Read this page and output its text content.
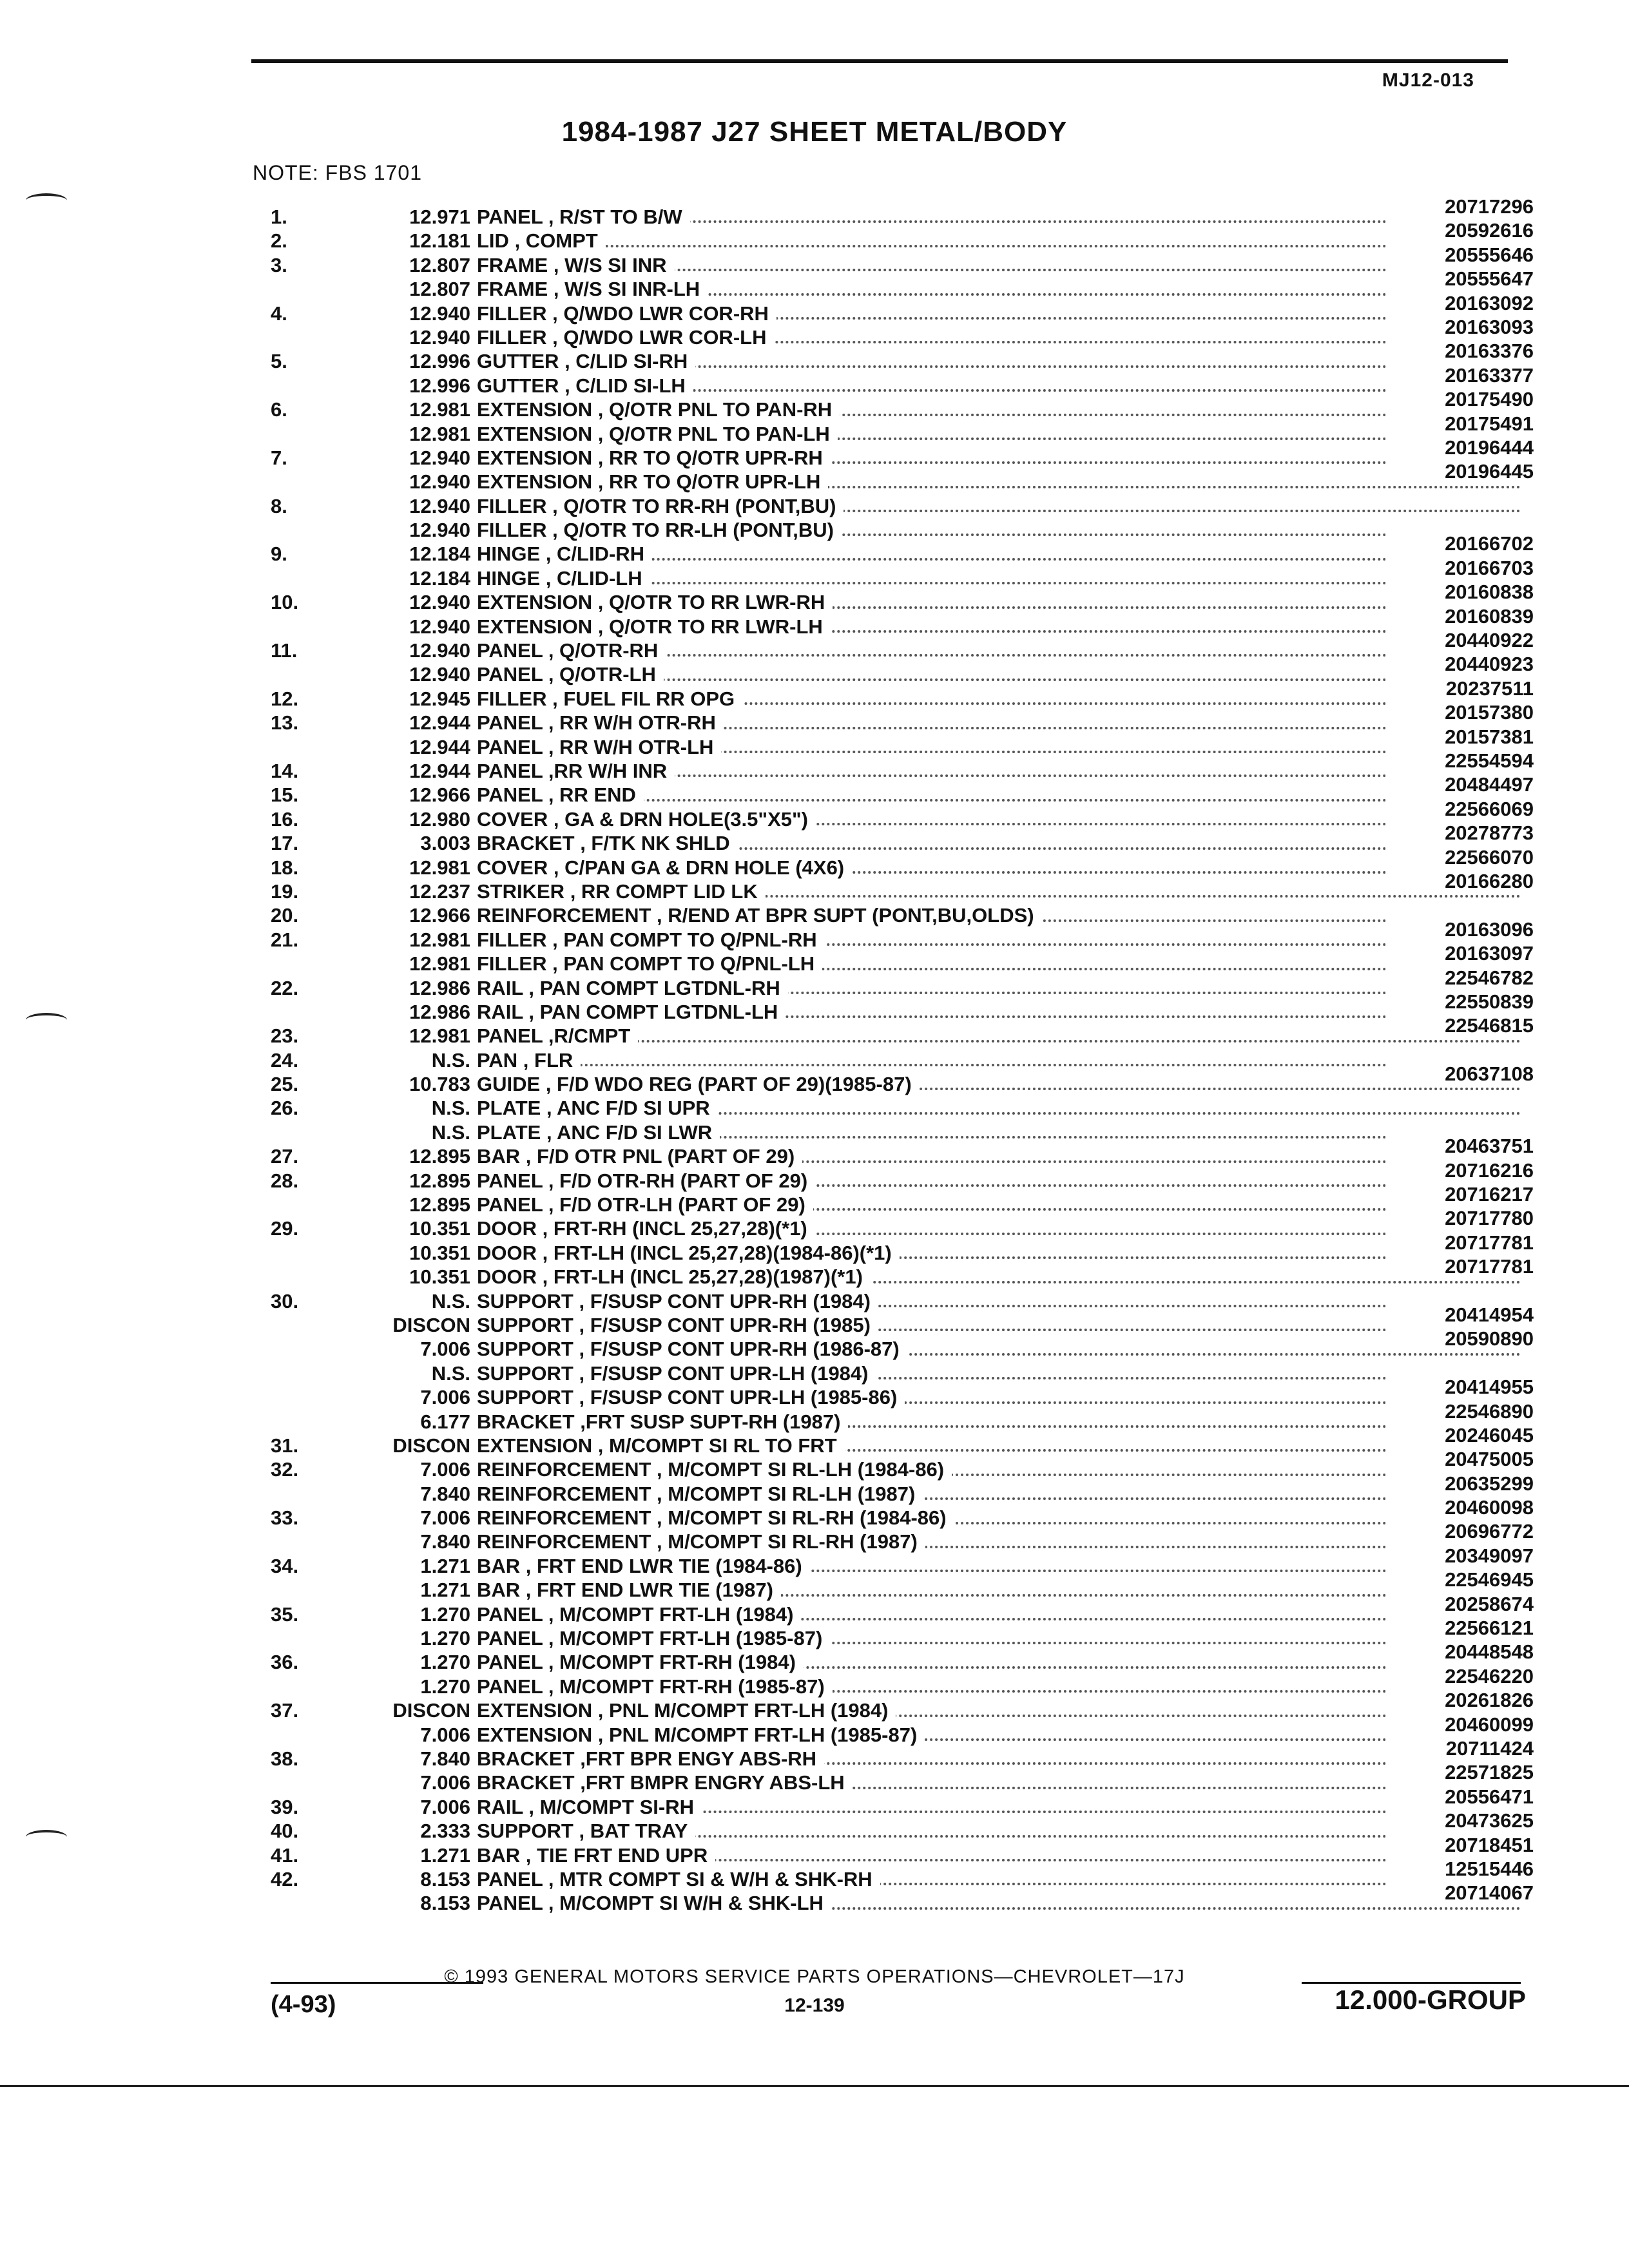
MJ12-013
1984-1987 J27 SHEET METAL/BODY
NOTE: FBS 1701
1.	12.971 PANEL , R/ST TO B/W	20717296
2.	12.181 LID , COMPT	20592616
3.	12.807 FRAME , W/S SI INR	20555646
12.807 FRAME , W/S SI INR-LH	20555647
4.	12.940 FILLER , Q/WDO LWR COR-RH	20163092
12.940 FILLER , Q/WDO LWR COR-LH	20163093
5.	12.996 GUTTER , C/LID SI-RH	20163376
12.996 GUTTER , C/LID SI-LH	20163377
6.	12.981 EXTENSION , Q/OTR PNL TO PAN-RH	20175490
12.981 EXTENSION , Q/OTR PNL TO PAN-LH	20175491
7.	12.940 EXTENSION , RR TO Q/OTR UPR-RH	20196444
12.940 EXTENSION , RR TO Q/OTR UPR-LH	20196445
8.	12.940 FILLER , Q/OTR TO RR-RH (PONT,BU)
12.940 FILLER , Q/OTR TO RR-LH (PONT,BU)
9.	12.184 HINGE , C/LID-RH	20166702
12.184 HINGE , C/LID-LH	20166703
10.	12.940 EXTENSION , Q/OTR TO RR LWR-RH	20160838
12.940 EXTENSION , Q/OTR TO RR LWR-LH	20160839
11.	12.940 PANEL , Q/OTR-RH	20440922
12.940 PANEL , Q/OTR-LH	20440923
12.	12.945 FILLER , FUEL FIL RR OPG	20237511
13.	12.944 PANEL , RR W/H OTR-RH	20157380
12.944 PANEL , RR W/H OTR-LH	20157381
14.	12.944 PANEL ,RR W/H INR	22554594
15.	12.966 PANEL , RR END	20484497
16.	12.980 COVER , GA & DRN HOLE(3.5"X5")	22566069
17.	3.003 BRACKET , F/TK NK SHLD	20278773
18.	12.981 COVER , C/PAN GA & DRN HOLE (4X6)	22566070
19.	12.237 STRIKER , RR COMPT LID LK	20166280
20.	12.966 REINFORCEMENT , R/END AT BPR SUPT (PONT,BU,OLDS)
21.	12.981 FILLER , PAN COMPT TO Q/PNL-RH	20163096
12.981 FILLER , PAN COMPT TO Q/PNL-LH	20163097
22.	12.986 RAIL , PAN COMPT LGTDNL-RH	22546782
12.986 RAIL , PAN COMPT LGTDNL-LH	22550839
23.	12.981 PANEL ,R/CMPT	22546815
24.	N.S. PAN , FLR
25.	10.783 GUIDE , F/D WDO REG (PART OF 29)(1985-87)	20637108
26.	N.S. PLATE , ANC F/D SI UPR
N.S. PLATE , ANC F/D SI LWR
27.	12.895 BAR , F/D OTR PNL (PART OF 29)	20463751
28.	12.895 PANEL , F/D OTR-RH (PART OF 29)	20716216
12.895 PANEL , F/D OTR-LH (PART OF 29)	20716217
29.	10.351 DOOR , FRT-RH (INCL 25,27,28)(*1)	20717780
10.351 DOOR , FRT-LH (INCL 25,27,28)(1984-86)(*1)	20717781
10.351 DOOR , FRT-LH (INCL 25,27,28)(1987)(*1)	20717781
30.	N.S. SUPPORT , F/SUSP CONT UPR-RH (1984)
DISCON SUPPORT , F/SUSP CONT UPR-RH (1985)	20414954
7.006 SUPPORT , F/SUSP CONT UPR-RH (1986-87)	20590890
N.S. SUPPORT , F/SUSP CONT UPR-LH (1984)
7.006 SUPPORT , F/SUSP CONT UPR-LH (1985-86)	20414955
6.177 BRACKET ,FRT SUSP SUPT-RH (1987)	22546890
31.	DISCON EXTENSION , M/COMPT SI RL TO FRT	20246045
32.	7.006 REINFORCEMENT , M/COMPT SI RL-LH (1984-86)	20475005
7.840 REINFORCEMENT , M/COMPT SI RL-LH (1987)	20635299
33.	7.006 REINFORCEMENT , M/COMPT SI RL-RH (1984-86)	20460098
7.840 REINFORCEMENT , M/COMPT SI RL-RH (1987)	20696772
34.	1.271 BAR , FRT END LWR TIE (1984-86)	20349097
1.271 BAR , FRT END LWR TIE (1987)	22546945
35.	1.270 PANEL , M/COMPT FRT-LH (1984)	20258674
1.270 PANEL , M/COMPT FRT-LH (1985-87)	22566121
36.	1.270 PANEL , M/COMPT FRT-RH (1984)	20448548
1.270 PANEL , M/COMPT FRT-RH (1985-87)	22546220
37.	DISCON EXTENSION , PNL M/COMPT FRT-LH (1984)	20261826
7.006 EXTENSION , PNL M/COMPT FRT-LH (1985-87)	20460099
38.	7.840 BRACKET ,FRT BPR ENGY ABS-RH	20711424
7.006 BRACKET ,FRT BMPR ENGRY ABS-LH	22571825
39.	7.006 RAIL , M/COMPT SI-RH	20556471
40.	2.333 SUPPORT , BAT TRAY	20473625
41.	1.271 BAR , TIE FRT END UPR	20718451
42.	8.153 PANEL , MTR COMPT SI & W/H & SHK-RH	12515446
8.153 PANEL , M/COMPT SI W/H & SHK-LH	20714067
© 1993 GENERAL MOTORS SERVICE PARTS OPERATIONS—CHEVROLET—17J
(4-93)	12-139	12.000-GROUP
